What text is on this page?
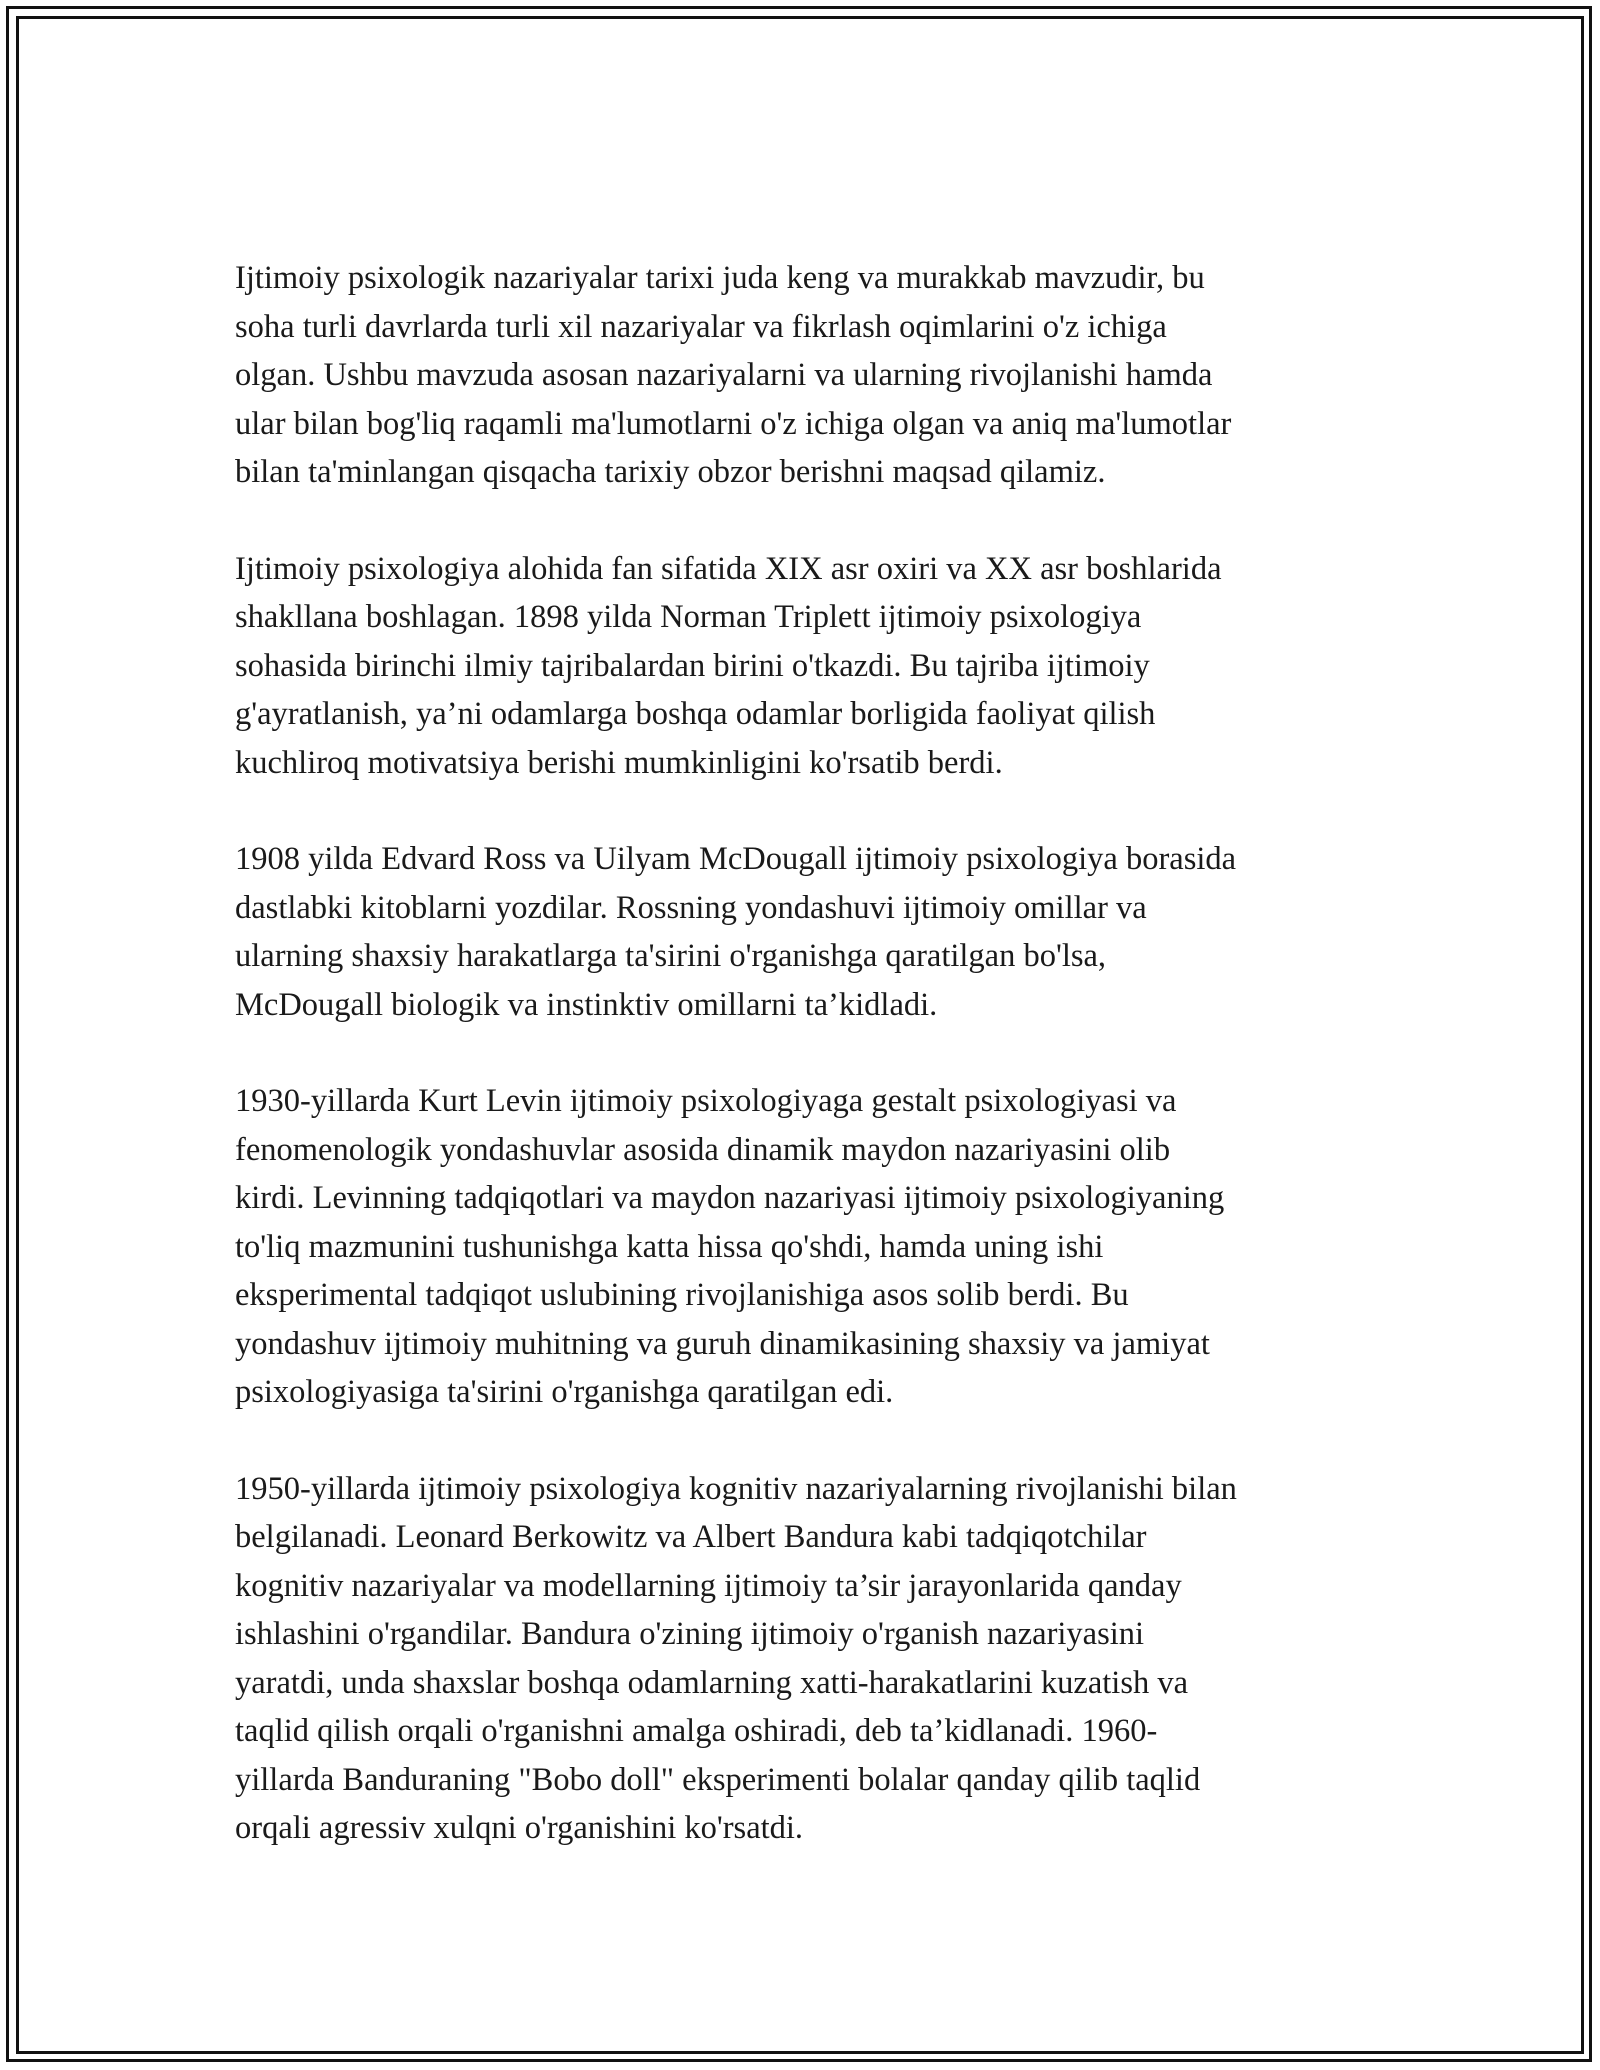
Ijtimoiy psixologik nazariyalar tarixi juda keng va murakkab mavzudir, bu
soha turli davrlarda turli xil nazariyalar va fikrlash oqimlarini o'z ichiga
olgan. Ushbu mavzuda asosan nazariyalarni va ularning rivojlanishi hamda
ular bilan bog'liq raqamli ma'lumotlarni o'z ichiga olgan va aniq ma'lumotlar
bilan ta'minlangan qisqacha tarixiy obzor berishni maqsad qilamiz.

Ijtimoiy psixologiya alohida fan sifatida XIX asr oxiri va XX asr boshlarida
shakllana boshlagan. 1898 yilda Norman Triplett ijtimoiy psixologiya
sohasida birinchi ilmiy tajribalardan birini o'tkazdi. Bu tajriba ijtimoiy
g'ayratlanish, ya’ni odamlarga boshqa odamlar borligida faoliyat qilish
kuchliroq motivatsiya berishi mumkinligini ko'rsatib berdi.

1908 yilda Edvard Ross va Uilyam McDougall ijtimoiy psixologiya borasida
dastlabki kitoblarni yozdilar. Rossning yondashuvi ijtimoiy omillar va
ularning shaxsiy harakatlarga ta'sirini o'rganishga qaratilgan bo'lsa,
McDougall biologik va instinktiv omillarni ta’kidladi.

1930-yillarda Kurt Levin ijtimoiy psixologiyaga gestalt psixologiyasi va
fenomenologik yondashuvlar asosida dinamik maydon nazariyasini olib
kirdi. Levinning tadqiqotlari va maydon nazariyasi ijtimoiy psixologiyaning
to'liq mazmunini tushunishga katta hissa qo'shdi, hamda uning ishi
eksperimental tadqiqot uslubining rivojlanishiga asos solib berdi. Bu
yondashuv ijtimoiy muhitning va guruh dinamikasining shaxsiy va jamiyat
psixologiyasiga ta'sirini o'rganishga qaratilgan edi.

1950-yillarda ijtimoiy psixologiya kognitiv nazariyalarning rivojlanishi bilan
belgilanadi. Leonard Berkowitz va Albert Bandura kabi tadqiqotchilar
kognitiv nazariyalar va modellarning ijtimoiy ta’sir jarayonlarida qanday
ishlashini o'rgandilar. Bandura o'zining ijtimoiy o'rganish nazariyasini
yaratdi, unda shaxslar boshqa odamlarning xatti-harakatlarini kuzatish va
taqlid qilish orqali o'rganishni amalga oshiradi, deb ta’kidlanadi. 1960-
yillarda Banduraning "Bobo doll" eksperimenti bolalar qanday qilib taqlid
orqali agressiv xulqni o'rganishini ko'rsatdi.
